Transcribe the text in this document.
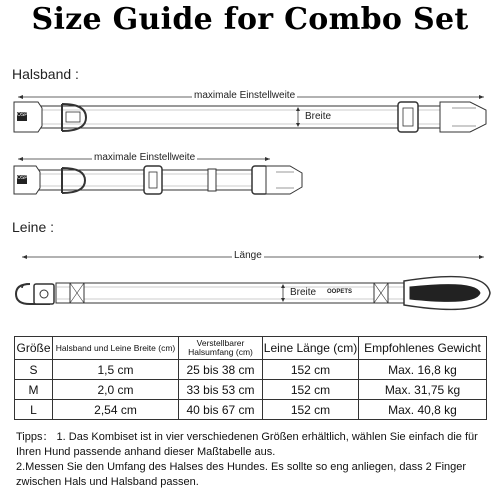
Size Guide for Combo Set
Halsband :
maximale Einstellweite
Breite
OSPETS
maximale Einstellweite
OSPETS
Leine :
Länge
Breite	OOPETS
Größe	Halsband und Leine Breite (cm)	Verstellbarer Halsumfang (cm)	Leine Länge (cm)	Empfohlenes Gewicht
S	1,5 cm	25 bis 38 cm	152 cm	Max. 16,8 kg
M	2,0 cm	33 bis 53 cm	152 cm	Max. 31,75 kg
L	2,54 cm	40 bis 67 cm	152 cm	Max. 40,8 kg

Tipps： 1. Das Kombiset ist in vier verschiedenen Größen erhältlich, wählen Sie einfach die für Ihren Hund passende anhand dieser Maßtabelle aus.

2.Messen Sie den Umfang des Halses des Hundes. Es sollte so eng anliegen, dass 2 Finger zwischen Hals und Halsband passen.
